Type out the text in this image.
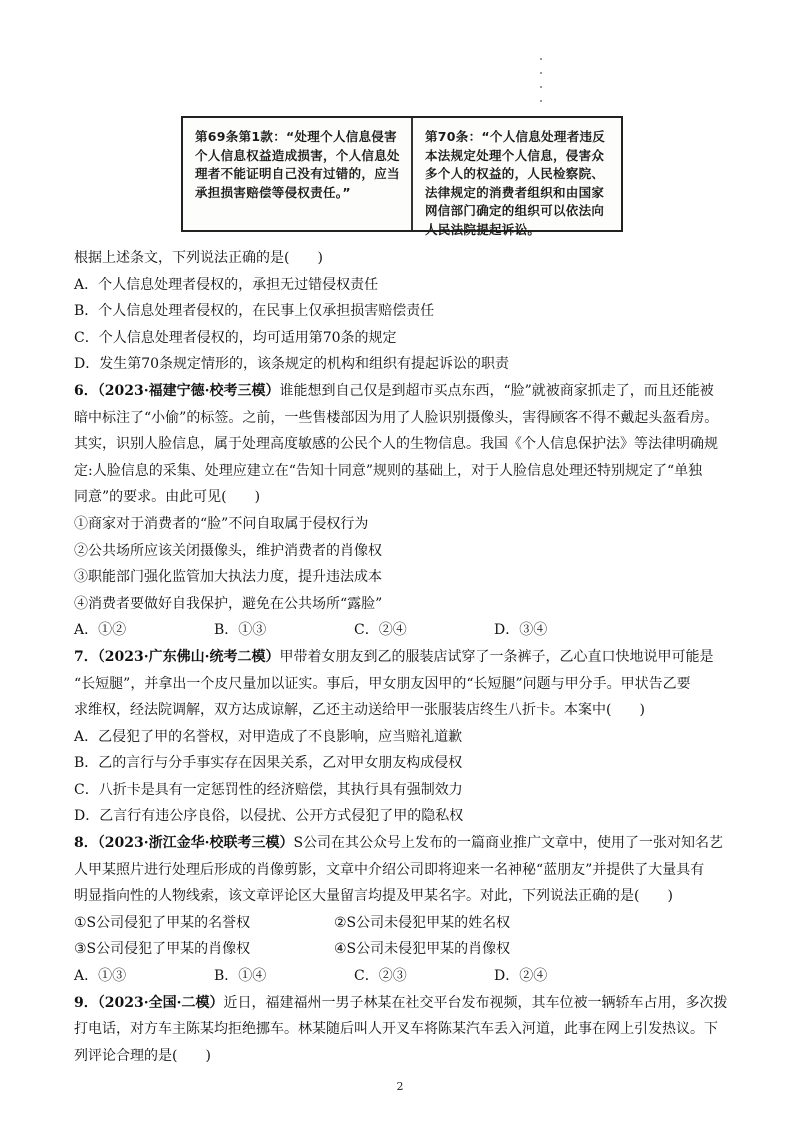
第69条第1款：“处理个人信息侵害个人信息权益造成损害，个人信息处理者不能证明自己没有过错的，应当承担损害赔偿等侵权责任。”
第70条：“个人信息处理者违反本法规定处理个人信息，侵害众多个人的权益的，人民检察院、法律规定的消费者组织和由国家网信部门确定的组织可以依法向人民法院提起诉讼。
根据上述条文，下列说法正确的是(　　)
A．个人信息处理者侵权的，承担无过错侵权责任
B．个人信息处理者侵权的，在民事上仅承担损害赔偿责任
C．个人信息处理者侵权的，均可适用第70条的规定
D．发生第70条规定情形的，该条规定的机构和组织有提起诉讼的职责
6．（2023·福建宁德·校考三模）谁能想到自己仅是到超市买点东西，“脸”就被商家抓走了，而且还能被
暗中标注了“小偷”的标签。之前，一些售楼部因为用了人脸识别摄像头，害得顾客不得不戴起头盔看房。
其实，识别人脸信息，属于处理高度敏感的公民个人的生物信息。我国《个人信息保护法》等法律明确规
定:人脸信息的采集、处理应建立在“告知十同意”规则的基础上，对于人脸信息处理还特别规定了“单独
同意”的要求。由此可见(　　)
①商家对于消费者的“脸”不问自取属于侵权行为
②公共场所应该关闭摄像头，维护消费者的肖像权
③职能部门强化监管加大执法力度，提升违法成本
④消费者要做好自我保护，避免在公共场所“露脸”
A．①②	B．①③	C．②④	D．③④
7．（2023·广东佛山·统考二模）甲带着女朋友到乙的服装店试穿了一条裤子，乙心直口快地说甲可能是
“长短腿”，并拿出一个皮尺量加以证实。事后，甲女朋友因甲的“长短腿”问题与甲分手。甲状告乙要
求维权，经法院调解，双方达成谅解，乙还主动送给甲一张服装店终生八折卡。本案中(　　)
A．乙侵犯了甲的名誉权，对甲造成了不良影响，应当赔礼道歉
B．乙的言行与分手事实存在因果关系，乙对甲女朋友构成侵权
C．八折卡是具有一定惩罚性的经济赔偿，其执行具有强制效力
D．乙言行有违公序良俗，以侵扰、公开方式侵犯了甲的隐私权
8．（2023·浙江金华·校联考三模）S公司在其公众号上发布的一篇商业推广文章中，使用了一张对知名艺
人甲某照片进行处理后形成的肖像剪影，文章中介绍公司即将迎来一名神秘“蓝朋友”并提供了大量具有
明显指向性的人物线索，该文章评论区大量留言均提及甲某名字。对此，下列说法正确的是(　　)
①S公司侵犯了甲某的名誉权	②S公司未侵犯甲某的姓名权
③S公司侵犯了甲某的肖像权	④S公司未侵犯甲某的肖像权
A．①③	B．①④	C．②③	D．②④
9．（2023·全国·二模）近日，福建福州一男子林某在社交平台发布视频，其车位被一辆轿车占用，多次拨
打电话，对方车主陈某均拒绝挪车。林某随后叫人开叉车将陈某汽车丢入河道，此事在网上引发热议。下
列评论合理的是(　　)
2
